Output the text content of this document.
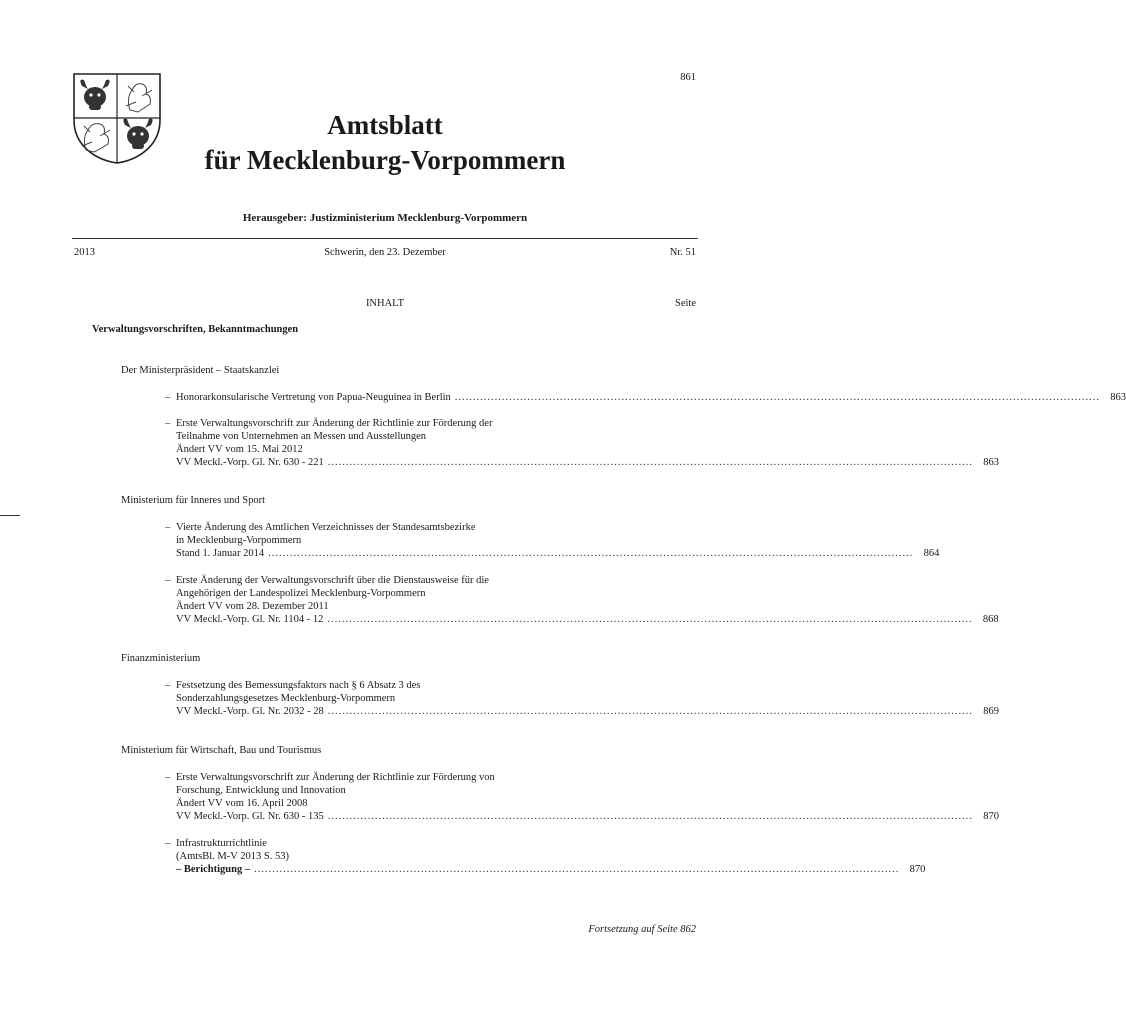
861
Amtsblatt
für Mecklenburg-Vorpommern
Herausgeber: Justizministerium Mecklenburg-Vorpommern
2013	Schwerin, den 23. Dezember	Nr. 51
INHALT	Seite
Verwaltungsvorschriften, Bekanntmachungen
Der Ministerpräsident – Staatskanzlei
– Honorarkonsularische Vertretung von Papua-Neuguinea in Berlin .................................................................................................................................................................................. 863
– Erste Verwaltungsvorschrift zur Änderung der Richtlinie zur Förderung der
Teilnahme von Unternehmen an Messen und Ausstellungen
Ändert VV vom 15. Mai 2012
VV Meckl.-Vorp. Gl. Nr. 630 - 221 .................................................................................................................................................................................. 863
Ministerium für Inneres und Sport
– Vierte Änderung des Amtlichen Verzeichnisses der Standesamtsbezirke
in Mecklenburg-Vorpommern
Stand 1. Januar 2014 .................................................................................................................................................................................. 864
– Erste Änderung der Verwaltungsvorschrift über die Dienstausweise für die
Angehörigen der Landespolizei Mecklenburg-Vorpommern
Ändert VV vom 28. Dezember 2011
VV Meckl.-Vorp. Gl. Nr. 1104 - 12 .................................................................................................................................................................................. 868
Finanzministerium
– Festsetzung des Bemessungsfaktors nach § 6 Absatz 3 des
Sonderzahlungsgesetzes Mecklenburg-Vorpommern
VV Meckl.-Vorp. Gl. Nr. 2032 - 28 .................................................................................................................................................................................. 869
Ministerium für Wirtschaft, Bau und Tourismus
– Erste Verwaltungsvorschrift zur Änderung der Richtlinie zur Förderung von
Forschung, Entwicklung und Innovation
Ändert VV vom 16. April 2008
VV Meckl.-Vorp. Gl. Nr. 630 - 135 .................................................................................................................................................................................. 870
– Infrastrukturrichtlinie
(AmtsBl. M-V 2013 S. 53)
– Berichtigung – .................................................................................................................................................................................. 870
Fortsetzung auf Seite 862
